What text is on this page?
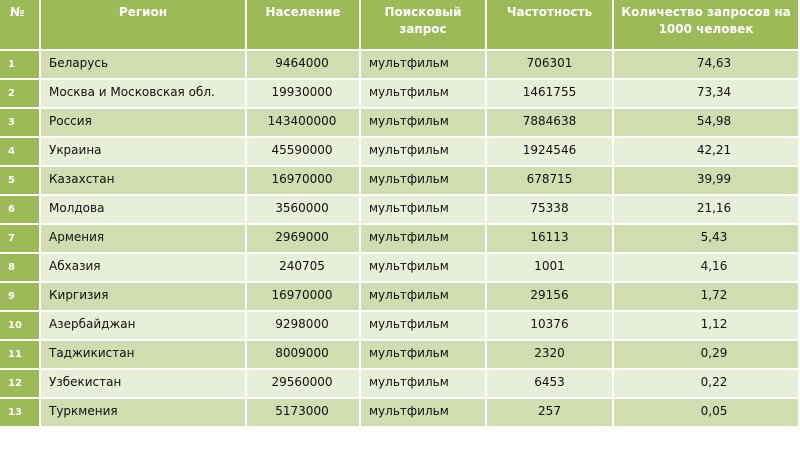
№	Регион	Население	Поисковый запрос	Частотность	Количество запросов на 1000 человек
1	Беларусь	9464000	мультфильм	706301	74,63
2	Москва и Московская обл.	19930000	мультфильм	1461755	73,34
3	Россия	143400000	мультфильм	7884638	54,98
4	Украина	45590000	мультфильм	1924546	42,21
5	Казахстан	16970000	мультфильм	678715	39,99
6	Молдова	3560000	мультфильм	75338	21,16
7	Армения	2969000	мультфильм	16113	5,43
8	Абхазия	240705	мультфильм	1001	4,16
9	Киргизия	16970000	мультфильм	29156	1,72
10	Азербайджан	9298000	мультфильм	10376	1,12
11	Таджикистан	8009000	мультфильм	2320	0,29
12	Узбекистан	29560000	мультфильм	6453	0,22
13	Туркмения	5173000	мультфильм	257	0,05
